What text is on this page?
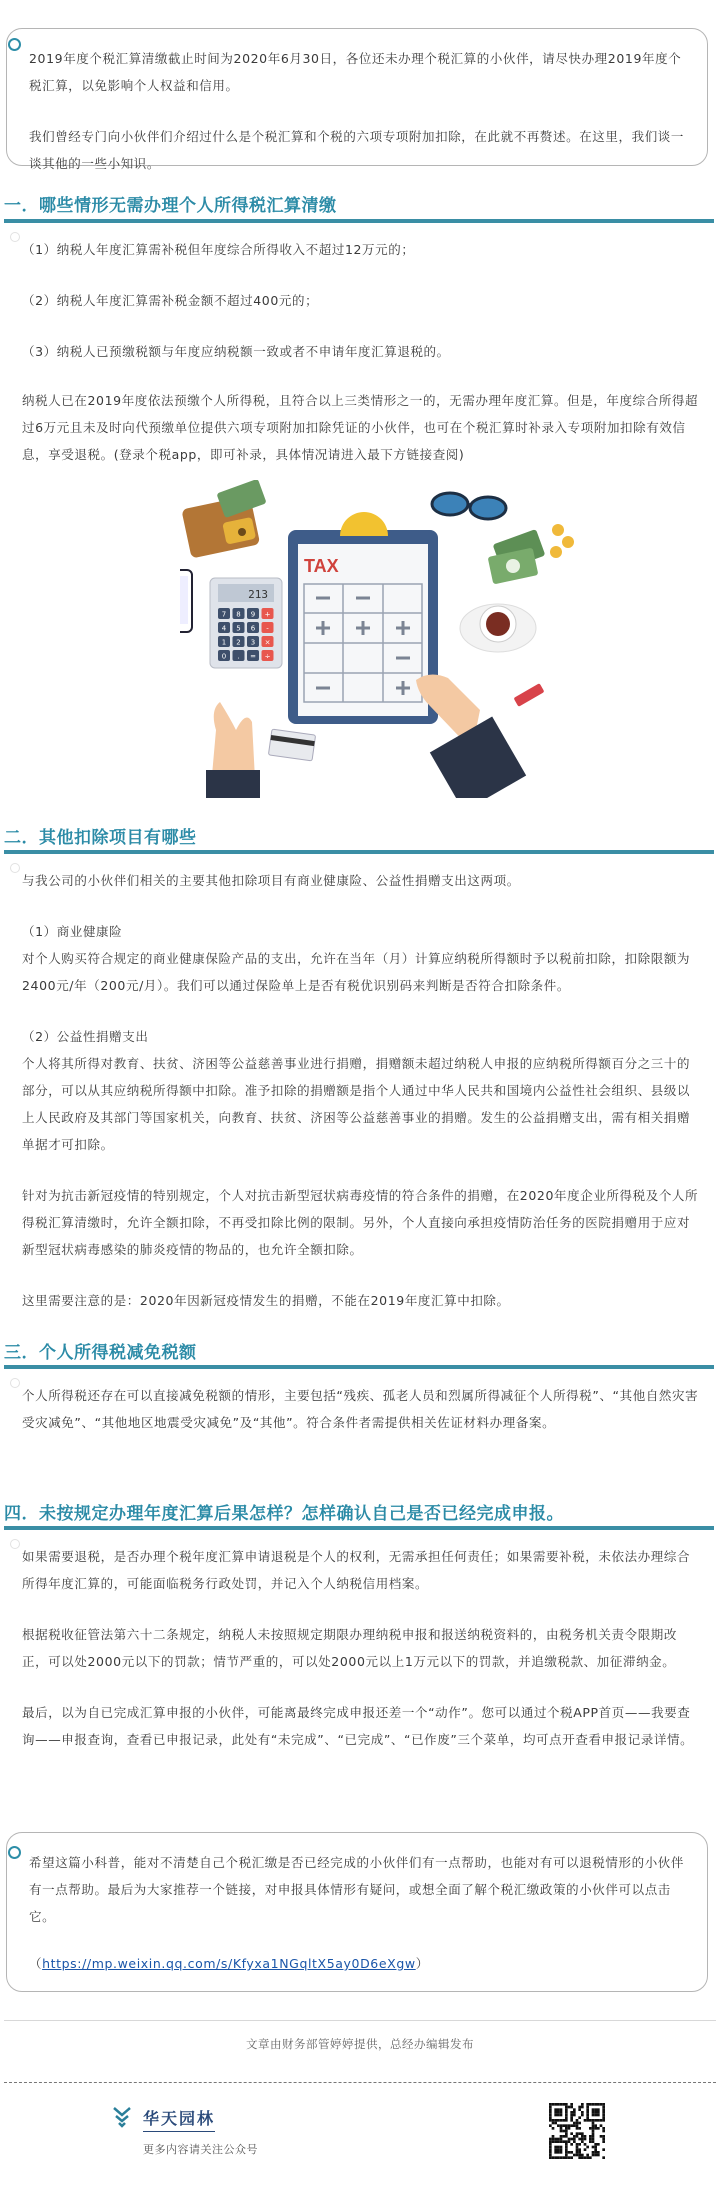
2019年度个税汇算清缴截止时间为2020年6月30日，各位还未办理个税汇算的小伙伴，请尽快办理2019年度个税汇算，以免影响个人权益和信用。

我们曾经专门向小伙伴们介绍过什么是个税汇算和个税的六项专项附加扣除，在此就不再赘述。在这里，我们谈一谈其他的一些小知识。

一．哪些情形无需办理个人所得税汇算清缴

（1）纳税人年度汇算需补税但年度综合所得收入不超过12万元的；

（2）纳税人年度汇算需补税金额不超过400元的；

（3）纳税人已预缴税额与年度应纳税额一致或者不申请年度汇算退税的。

纳税人已在2019年度依法预缴个人所得税，且符合以上三类情形之一的，无需办理年度汇算。但是，年度综合所得超过6万元且未及时向代预缴单位提供六项专项附加扣除凭证的小伙伴，也可在个税汇算时补录入专项附加扣除有效信息，享受退税。(登录个税app，即可补录，具体情况请进入最下方链接查阅)

213
7 8 9 +
4 5 6 -
1 2 3 ×
0 . = ÷
TAX
二．其他扣除项目有哪些

与我公司的小伙伴们相关的主要其他扣除项目有商业健康险、公益性捐赠支出这两项。

（1）商业健康险

对个人购买符合规定的商业健康保险产品的支出，允许在当年（月）计算应纳税所得额时予以税前扣除，扣除限额为2400元/年（200元/月）。我们可以通过保险单上是否有税优识别码来判断是否符合扣除条件。

（2）公益性捐赠支出

个人将其所得对教育、扶贫、济困等公益慈善事业进行捐赠，捐赠额未超过纳税人申报的应纳税所得额百分之三十的部分，可以从其应纳税所得额中扣除。准予扣除的捐赠额是指个人通过中华人民共和国境内公益性社会组织、县级以上人民政府及其部门等国家机关，向教育、扶贫、济困等公益慈善事业的捐赠。发生的公益捐赠支出，需有相关捐赠单据才可扣除。

针对为抗击新冠疫情的特别规定，个人对抗击新型冠状病毒疫情的符合条件的捐赠，在2020年度企业所得税及个人所得税汇算清缴时，允许全额扣除，不再受扣除比例的限制。另外，个人直接向承担疫情防治任务的医院捐赠用于应对新型冠状病毒感染的肺炎疫情的物品的，也允许全额扣除。

这里需要注意的是：2020年因新冠疫情发生的捐赠，不能在2019年度汇算中扣除。

三．个人所得税减免税额

个人所得税还存在可以直接减免税额的情形，主要包括“残疾、孤老人员和烈属所得减征个人所得税”、“其他自然灾害受灾减免”、“其他地区地震受灾减免”及“其他”。符合条件者需提供相关佐证材料办理备案。

四．未按规定办理年度汇算后果怎样？怎样确认自己是否已经完成申报。

如果需要退税，是否办理个税年度汇算申请退税是个人的权利，无需承担任何责任；如果需要补税，未依法办理综合所得年度汇算的，可能面临税务行政处罚，并记入个人纳税信用档案。

根据税收征管法第六十二条规定，纳税人未按照规定期限办理纳税申报和报送纳税资料的，由税务机关责令限期改正，可以处2000元以下的罚款；情节严重的，可以处2000元以上1万元以下的罚款，并追缴税款、加征滞纳金。

最后，以为自已完成汇算申报的小伙伴，可能离最终完成申报还差一个“动作”。您可以通过个税APP首页——我要查询——申报查询，查看已申报记录，此处有“未完成”、“已完成”、“已作废”三个菜单，均可点开查看申报记录详情。

希望这篇小科普，能对不清楚自己个税汇缴是否已经完成的小伙伴们有一点帮助，也能对有可以退税情形的小伙伴有一点帮助。最后为大家推荐一个链接，对申报具体情形有疑问，或想全面了解个税汇缴政策的小伙伴可以点击它。

（https://mp.weixin.qq.com/s/Kfyxa1NGqltX5ay0D6eXgw）

文章由财务部管婷婷提供，总经办编辑发布
华天园林
更多内容请关注公众号
